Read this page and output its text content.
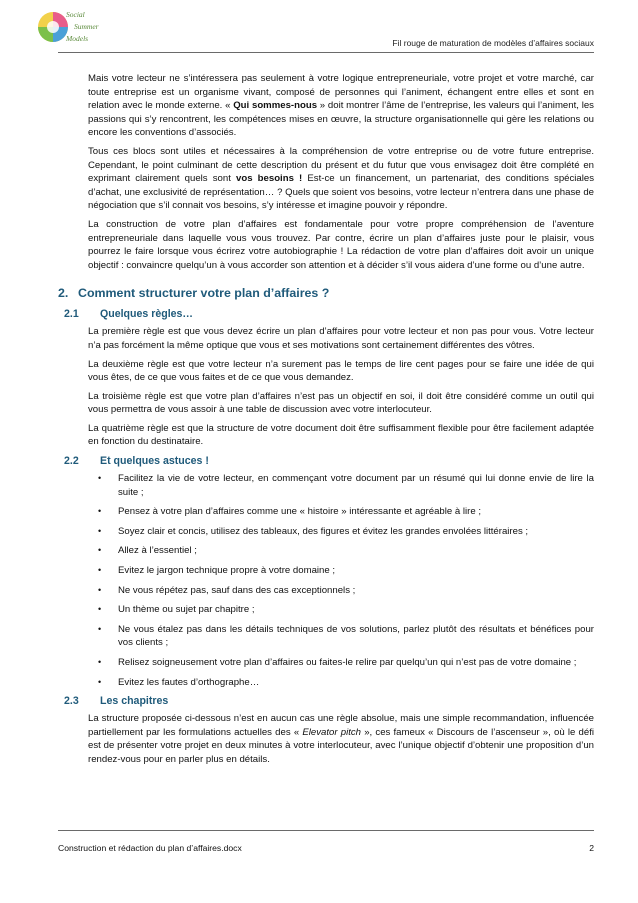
Social
Summer
Models	Fil rouge de maturation de modèles d’affaires sociaux

Mais votre lecteur ne s’intéressera pas seulement à votre logique entrepreneuriale, votre projet et votre marché, car toute entreprise est un organisme vivant, composé de personnes qui l’animent, échangent entre elles et sont en relation avec le monde externe. « Qui sommes-nous » doit montrer l’âme de l’entreprise, les valeurs qui l’animent, les passions qui s’y rencontrent, les compétences mises en œuvre, la structure organisationnelle qui gère les relations ou encore les conventions d’associés.

Tous ces blocs sont utiles et nécessaires à la compréhension de votre entreprise ou de votre future entreprise. Cependant, le point culminant de cette description du présent et du futur que vous envisagez doit être complété en exprimant clairement quels sont vos besoins ! Est-ce un financement, un partenariat, des conditions spéciales d’achat, une exclusivité de représentation… ? Quels que soient vos besoins, votre lecteur n’entrera dans une phase de négociation que s’il connait vos besoins, s’y intéresse et imagine pouvoir y répondre.

La construction de votre plan d’affaires est fondamentale pour votre propre compréhension de l’aventure entrepreneuriale dans laquelle vous vous trouvez. Par contre, écrire un plan d’affaires juste pour le plaisir, vous pourrez le faire lorsque vous écrirez votre autobiographie ! La rédaction de votre plan d’affaires doit avoir un unique objectif : convaincre quelqu’un à vous accorder son attention et à décider s’il vous aidera d’une forme ou d’une autre.

2. Comment structurer votre plan d’affaires ?
2.1	Quelques règles…

La première règle est que vous devez écrire un plan d’affaires pour votre lecteur et non pas pour vous. Votre lecteur n’a pas forcément la même optique que vous et ses motivations sont certainement différentes des vôtres.

La deuxième règle est que votre lecteur n’a surement pas le temps de lire cent pages pour se faire une idée de qui vous êtes, de ce que vous faites et de ce que vous demandez.

La troisième règle est que votre plan d’affaires n’est pas un objectif en soi, il doit être considéré comme un outil qui vous permettra de vous assoir à une table de discussion avec votre interlocuteur.

La quatrième règle est que la structure de votre document doit être suffisamment flexible pour être facilement adaptée en fonction du destinataire.

2.2	Et quelques astuces !
• Facilitez la vie de votre lecteur, en commençant votre document par un résumé qui lui donne envie de lire la suite ;
• Pensez à votre plan d’affaires comme une « histoire » intéressante et agréable à lire ;
• Soyez clair et concis, utilisez des tableaux, des figures et évitez les grandes envolées littéraires ;
• Allez à l’essentiel ;
• Evitez le jargon technique propre à votre domaine ;
• Ne vous répétez pas, sauf dans des cas exceptionnels ;
• Un thème ou sujet par chapitre ;
• Ne vous étalez pas dans les détails techniques de vos solutions, parlez plutôt des résultats et bénéfices pour vos clients ;
• Relisez soigneusement votre plan d’affaires ou faites-le relire par quelqu’un qui n’est pas de votre domaine ;
• Evitez les fautes d’orthographe…
2.3	Les chapitres

La structure proposée ci-dessous n’est en aucun cas une règle absolue, mais une simple recommandation, influencée partiellement par les formulations actuelles des « Elevator pitch », ces fameux « Discours de l’ascenseur », où le défi est de présenter votre projet en deux minutes à votre interlocuteur, avec l’unique objectif d’obtenir une proposition d’un rendez-vous pour en parler plus en détails.

Construction et rédaction du plan d’affaires.docx	2
